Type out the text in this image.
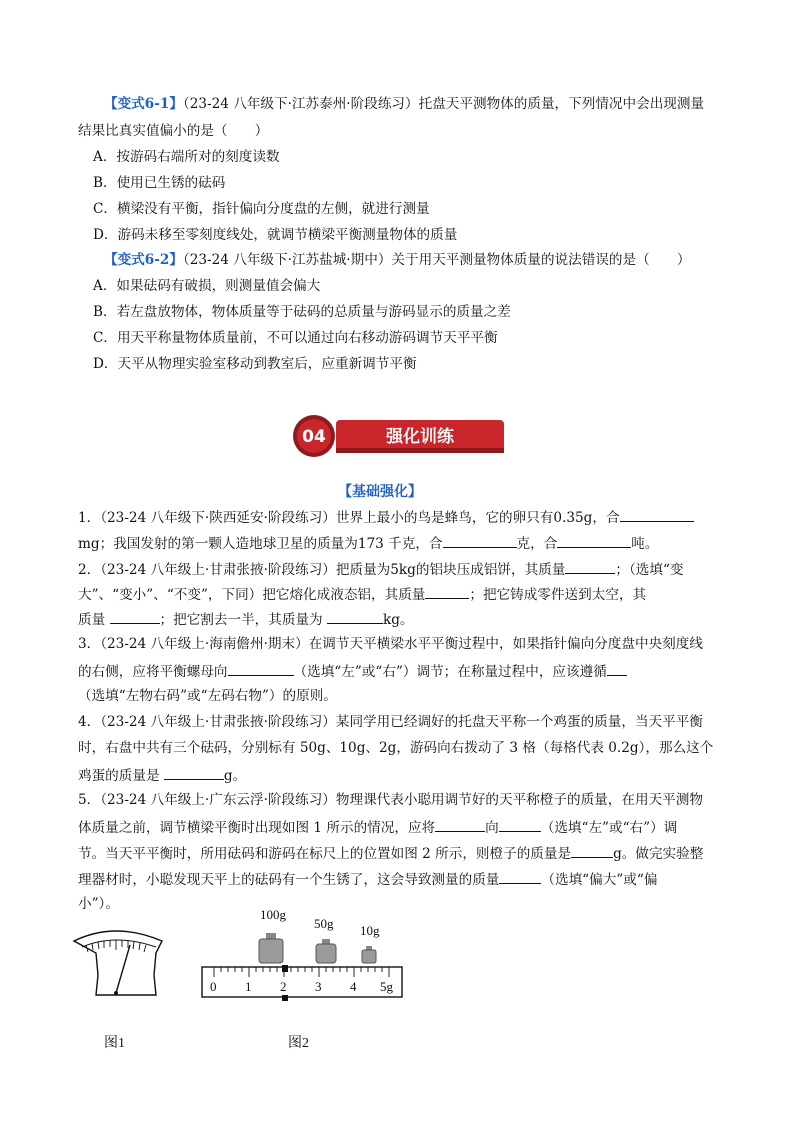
【变式6-1】（23-24 八年级下·江苏泰州·阶段练习）托盘天平测物体的质量，下列情况中会出现测量
结果比真实值偏小的是（　　）
A．按游码右端所对的刻度读数
B．使用已生锈的砝码
C．横梁没有平衡，指针偏向分度盘的左侧，就进行测量
D．游码未移至零刻度线处，就调节横梁平衡测量物体的质量
【变式6-2】（23-24 八年级下·江苏盐城·期中）关于用天平测量物体质量的说法错误的是（　　）
A．如果砝码有破损，则测量值会偏大
B．若左盘放物体，物体质量等于砝码的总质量与游码显示的质量之差
C．用天平称量物体质量前，不可以通过向右移动游码调节天平平衡
D．天平从物理实验室移动到教室后，应重新调节平衡
04	强化训练
【基础强化】
1．（23-24 八年级下·陕西延安·阶段练习）世界上最小的鸟是蜂鸟，它的卵只有0.35g，合
mg；我国发射的第一颗人造地球卫星的质量为173 千克，合	克，合	吨。
2．（23-24 八年级上·甘肃张掖·阶段练习）把质量为5kg的铝块压成铝饼，其质量	；（选填“变
大”、“变小”、“不变”，下同）把它熔化成液态铝，其质量	；把它铸成零件送到太空，其
质量	；把它割去一半，其质量为	kg。
3．（23-24 八年级上·海南儋州·期末）在调节天平横梁水平平衡过程中，如果指针偏向分度盘中央刻度线
的右侧，应将平衡螺母向	（选填“左”或“右”）调节；在称量过程中，应该遵循
（选填“左物右码”或“左码右物”）的原则。
4．（23-24 八年级上·甘肃张掖·阶段练习）某同学用已经调好的托盘天平称一个鸡蛋的质量，当天平平衡
时，右盘中共有三个砝码，分别标有 50g、10g、2g，游码向右拨动了 3 格（每格代表 0.2g），那么这个
鸡蛋的质量是	g。
5．（23-24 八年级上·广东云浮·阶段练习）物理课代表小聪用调节好的天平称橙子的质量，在用天平测物
体质量之前，调节横梁平衡时出现如图 1 所示的情况，应将	向	（选填“左”或“右”）调
节。当天平平衡时，所用砝码和游码在标尺上的位置如图 2 所示，则橙子的质量是	g。做完实验整
理器材时，小聪发现天平上的砝码有一个生锈了，这会导致测量的质量	（选填“偏大”或“偏
小”）。
图1
100g
50g 10g
0 1 2 3 4 5g
图2
